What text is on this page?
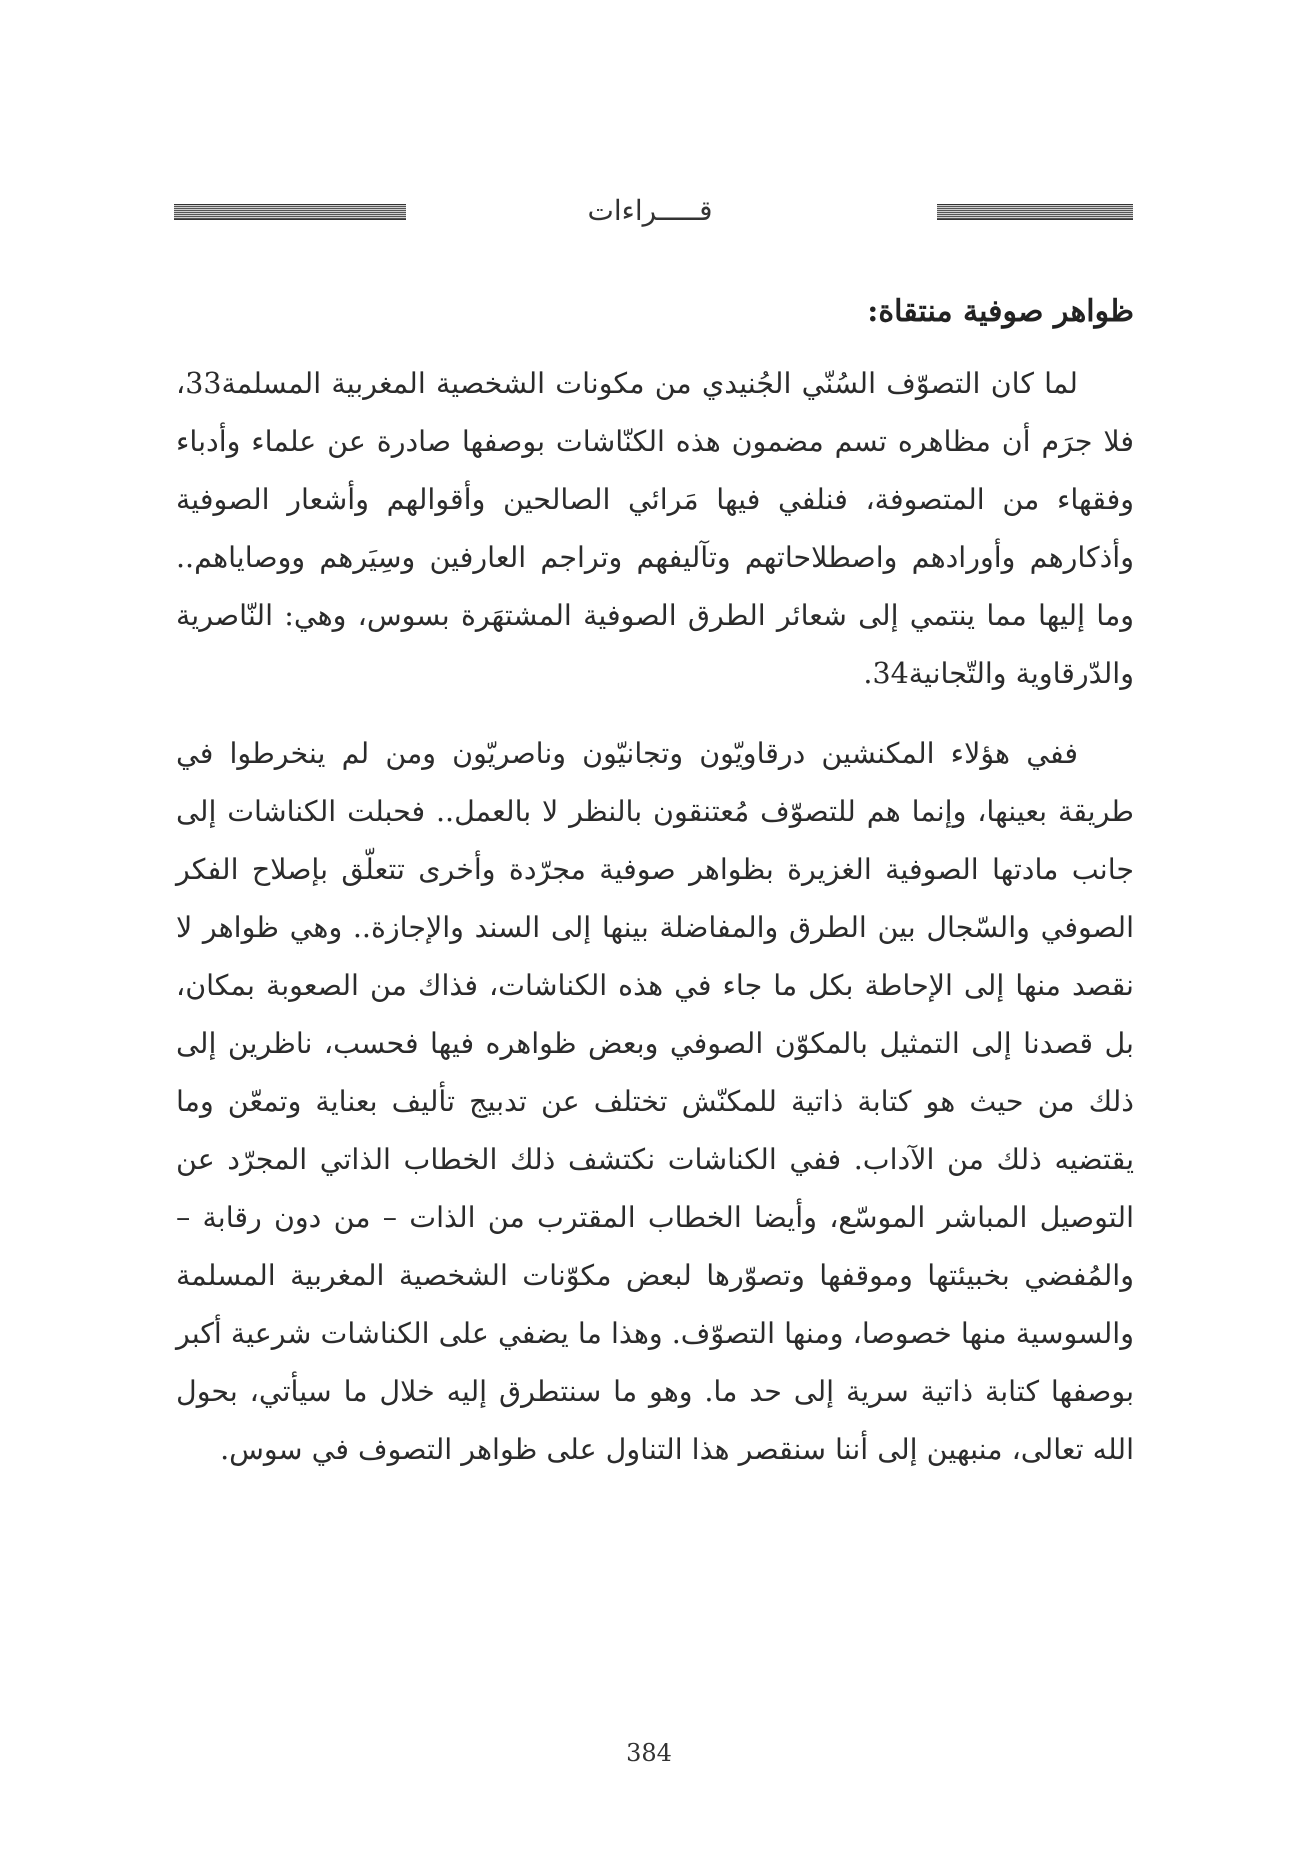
قـــــراءات
ظواهر صوفية منتقاة:

لما كان التصوّف السُنّي الجُنيدي من مكونات الشخصية المغربية المسلمة33، فلا جرَم أن مظاهره تسم مضمون هذه الكنّاشات بوصفها صادرة عن علماء وأدباء وفقهاء من المتصوفة، فنلفي فيها مَرائي الصالحين وأقوالهم وأشعار الصوفية وأذكارهم وأورادهم واصطلاحاتهم وتآليفهم وتراجم العارفين وسِيَرهم ووصاياهم.. وما إليها مما ينتمي إلى شعائر الطرق الصوفية المشتهَرة بسوس، وهي: النّاصرية والدّرقاوية والتّجانية34.

ففي هؤلاء المكنشين درقاويّون وتجانيّون وناصريّون ومن لم ينخرطوا في طريقة بعينها، وإنما هم للتصوّف مُعتنقون بالنظر لا بالعمل.. فحبلت الكناشات إلى جانب مادتها الصوفية الغزيرة بظواهر صوفية مجرّدة وأخرى تتعلّق بإصلاح الفكر الصوفي والسّجال بين الطرق والمفاضلة بينها إلى السند والإجازة.. وهي ظواهر لا نقصد منها إلى الإحاطة بكل ما جاء في هذه الكناشات، فذاك من الصعوبة بمكان، بل قصدنا إلى التمثيل بالمكوّن الصوفي وبعض ظواهره فيها فحسب، ناظرين إلى ذلك من حيث هو كتابة ذاتية للمكنّش تختلف عن تدبيج تأليف بعناية وتمعّن وما يقتضيه ذلك من الآداب. ففي الكناشات نكتشف ذلك الخطاب الذاتي المجرّد عن التوصيل المباشر الموسّع، وأيضا الخطاب المقترب من الذات – من دون رقابة – والمُفضي بخبيئتها وموقفها وتصوّرها لبعض مكوّنات الشخصية المغربية المسلمة والسوسية منها خصوصا، ومنها التصوّف. وهذا ما يضفي على الكناشات شرعية أكبر بوصفها كتابة ذاتية سرية إلى حد ما. وهو ما سنتطرق إليه خلال ما سيأتي، بحول الله تعالى، منبهين إلى أننا سنقصر هذا التناول على ظواهر التصوف في سوس.

384
